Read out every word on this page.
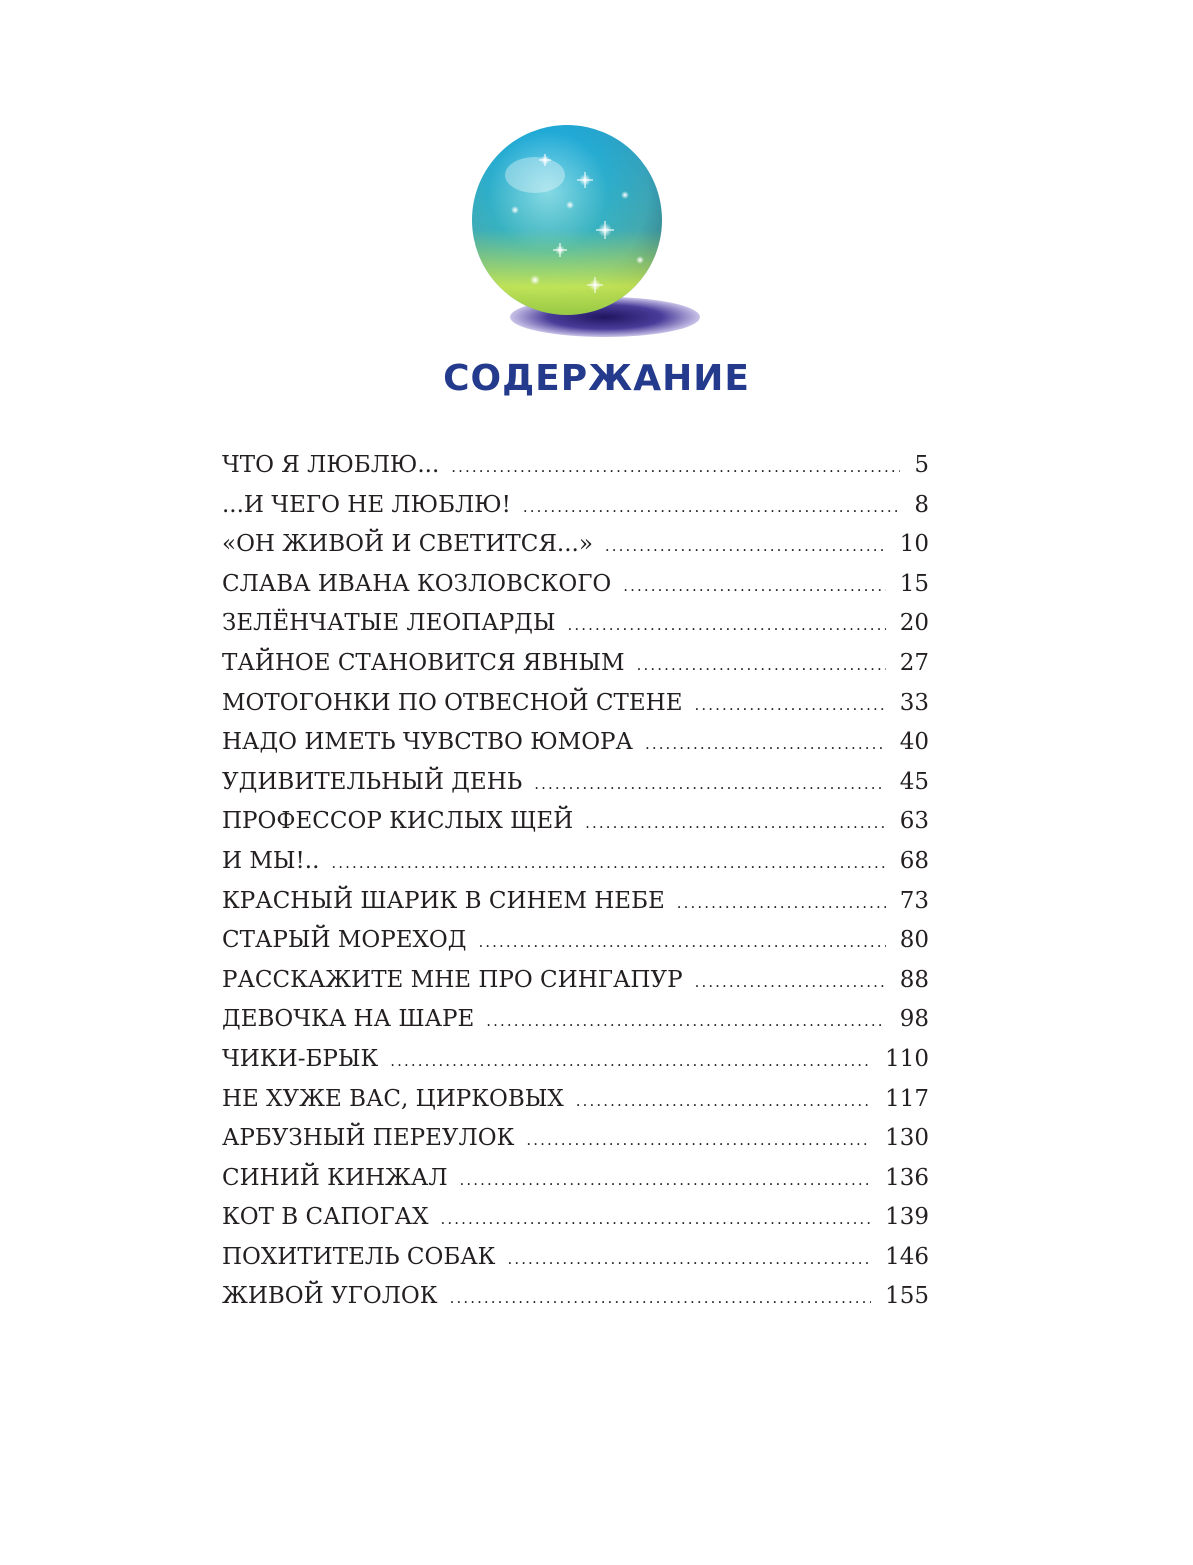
СОДЕРЖАНИЕ
ЧТО Я ЛЮБЛЮ... .....	5
...И ЧЕГО НЕ ЛЮБЛЮ! .....	8
«ОН ЖИВОЙ И СВЕТИТСЯ...» .....	10
СЛАВА ИВАНА КОЗЛОВСКОГО .....	15
ЗЕЛЁНЧАТЫЕ ЛЕОПАРДЫ .....	20
ТАЙНОЕ СТАНОВИТСЯ ЯВНЫМ .....	27
МОТОГОНКИ ПО ОТВЕСНОЙ СТЕНЕ .....	33
НАДО ИМЕТЬ ЧУВСТВО ЮМОРА .....	40
УДИВИТЕЛЬНЫЙ ДЕНЬ .....	45
ПРОФЕССОР КИСЛЫХ ЩЕЙ .....	63
И МЫ!.. .....	68
КРАСНЫЙ ШАРИК В СИНЕМ НЕБЕ .....	73
СТАРЫЙ МОРЕХОД .....	80
РАССКАЖИТЕ МНЕ ПРО СИНГАПУР .....	88
ДЕВОЧКА НА ШАРЕ .....	98
ЧИКИ-БРЫК .....	110
НЕ ХУЖЕ ВАС, ЦИРКОВЫХ .....	117
АРБУЗНЫЙ ПЕРЕУЛОК .....	130
СИНИЙ КИНЖАЛ .....	136
КОТ В САПОГАХ .....	139
ПОХИТИТЕЛЬ СОБАК .....	146
ЖИВОЙ УГОЛОК .....	155
